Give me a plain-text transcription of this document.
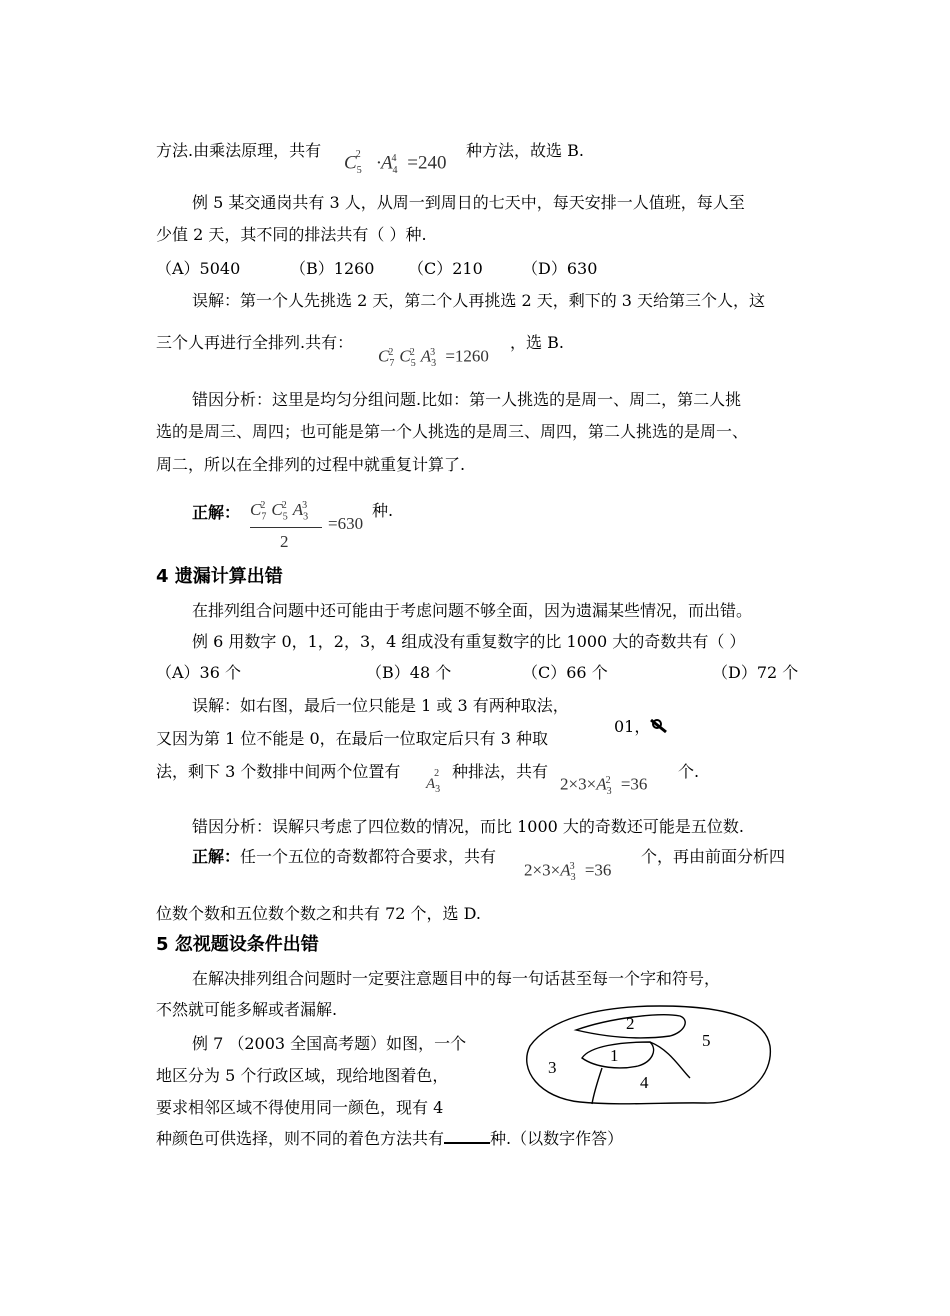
方法.由乘法原理，共有
$C_5^2 \cdot A_4^4 =240$
种方法，故选 B.
例 5 某交通岗共有 3 人，从周一到周日的七天中，每天安排一人值班，每人至
少值 2 天，其不同的排法共有（ ）种.
（A）5040	（B）1260 （C）210 （D）630
误解：第一个人先挑选 2 天，第二个人再挑选 2 天，剩下的 3 天给第三个人，这
三个人再进行全排列.共有：
$C_7^2$ $C_5^2$ $A_3^3 =1260$
，选 B.
错因分析：这里是均匀分组问题.比如：第一人挑选的是周一、周二，第二人挑
选的是周三、周四；也可能是第一个人挑选的是周三、周四，第二人挑选的是周一、
周二，所以在全排列的过程中就重复计算了.
正解： $C_7^2$ $C_5^2$ $A_3^3$
2
=630
种.
4 遗漏计算出错
在排列组合问题中还可能由于考虑问题不够全面，因为遗漏某些情况，而出错。
例 6 用数字 0，1，2，3，4 组成没有重复数字的比 1000 大的奇数共有（ ）
（A）36 个	（B）48 个	（C）66 个	（D）72 个
误解：如右图，最后一位只能是 1 或 3 有两种取法，
又因为第 1 位不能是 0，在最后一位取定后只有 3 种取
01，
法，剩下 3 个数排中间两个位置有
$A_3^2$ 种排法，共有
$2\times 3\times A_3^2 =36$
个.
错因分析：误解只考虑了四位数的情况，而比 1000 大的奇数还可能是五位数.
正解：任一个五位的奇数都符合要求，共有
$2\times 3\times A_3^3 =36$
个，再由前面分析四
位数个数和五位数个数之和共有 72 个，选 D.
5 忽视题设条件出错
在解决排列组合问题时一定要注意题目中的每一句话甚至每一个字和符号，
不然就可能多解或者漏解.
例 7 （2003 全国高考题）如图，一个
地区分为 5 个行政区域，现给地图着色，
要求相邻区域不得使用同一颜色，现有 4
种颜色可供选择，则不同的着色方法共有	种.（以数字作答）
2
1
5
3
4
